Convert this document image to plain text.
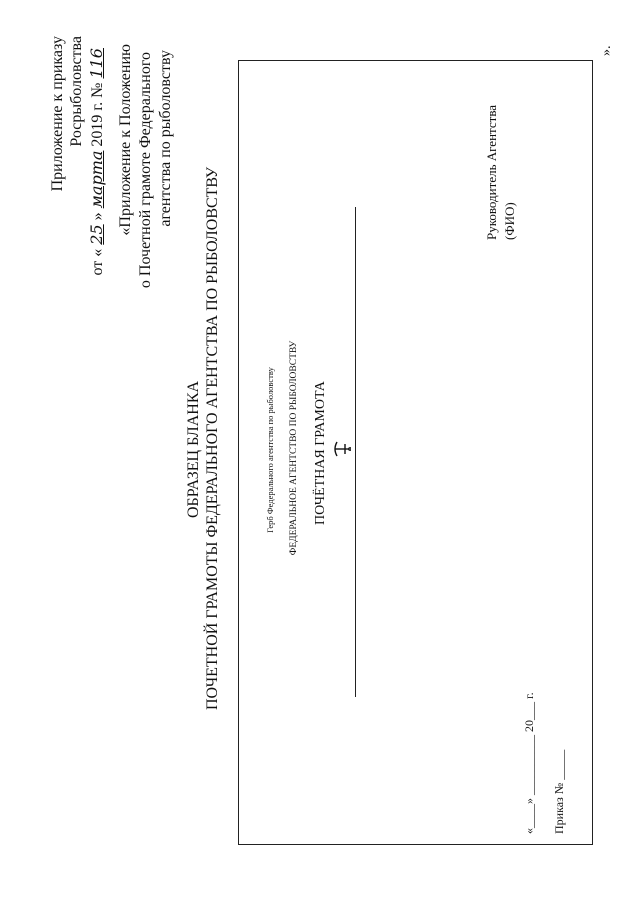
Приложение к приказу Росрыболовства
от « 25 » марта 2019 г. № 116 «Приложение к Положению о Почетной грамоте Федерального агентства по рыболовству	».
ОБРАЗЕЦ БЛАНКА ПОЧЕТНОЙ ГРАМОТЫ ФЕДЕРАЛЬНОГО АГЕНТСТВА ПО РЫБОЛОВСТВУ	Герб Федерального агентства по рыболовству ФЕДЕРАЛЬНОЕ АГЕНТСТВО ПО РЫБОЛОВСТВУ ПОЧЁТНАЯ ГРАМОТА
Руководитель Агентства (ФИО)
«____» __________ 20___ г. Приказ № _____
